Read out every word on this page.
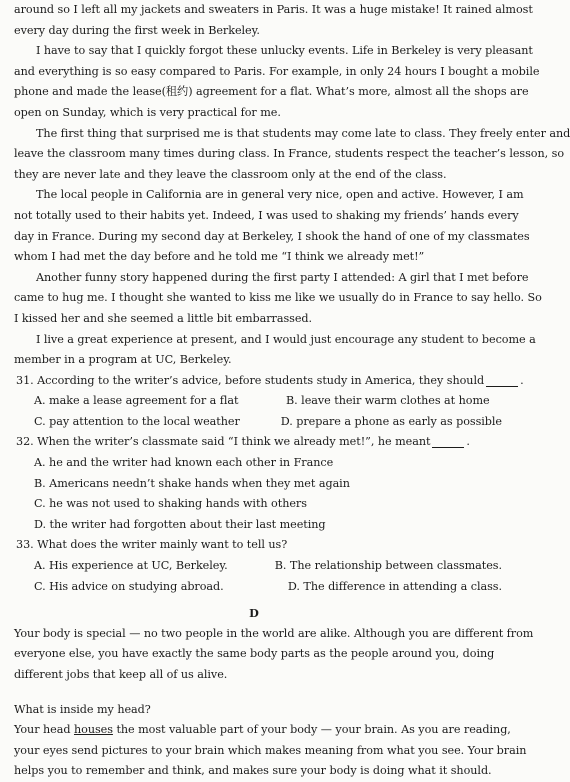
around so I left all my jackets and sweaters in Paris. It was a huge mistake! It rained almost
every day during the first week in Berkeley.
I have to say that I quickly forgot these unlucky events. Life in Berkeley is very pleasant
and everything is so easy compared to Paris. For example, in only 24 hours I bought a mobile
phone and made the lease(租约) agreement for a flat. What’s more, almost all the shops are
open on Sunday, which is very practical for me.
The first thing that surprised me is that students may come late to class. They freely enter and
leave the classroom many times during class. In France, students respect the teacher’s lesson, so
they are never late and they leave the classroom only at the end of the class.
The local people in California are in general very nice, open and active. However, I am
not totally used to their habits yet. Indeed, I was used to shaking my friends’ hands every
day in France. During my second day at Berkeley, I shook the hand of one of my classmates
whom I had met the day before and he told me “I think we already met!”
Another funny story happened during the first party I attended: A girl that I met before
came to hug me. I thought she wanted to kiss me like we usually do in France to say hello. So
I kissed her and she seemed a little bit embarrassed.
I live a great experience at present, and I would just encourage any student to become a
member in a program at UC, Berkeley.
31. According to the writer’s advice, before students study in America, they should	.
A. make a lease agreement for a flat	B. leave their warm clothes at home
C. pay attention to the local weather	D. prepare a phone as early as possible
32. When the writer’s classmate said “I think we already met!”, he meant	.
A. he and the writer had known each other in France
B. Americans needn’t shake hands when they met again
C. he was not used to shaking hands with others
D. the writer had forgotten about their last meeting
33. What does the writer mainly want to tell us?
A. His experience at UC, Berkeley.	B. The relationship between classmates.
C. His advice on studying abroad.	D. The difference in attending a class.
D
Your body is special — no two people in the world are alike. Although you are different from
everyone else, you have exactly the same body parts as the people around you, doing
different jobs that keep all of us alive.
What is inside my head?
Your head houses the most valuable part of your body — your brain. As you are reading,
your eyes send pictures to your brain which makes meaning from what you see. Your brain
helps you to remember and think, and makes sure your body is doing what it should.
